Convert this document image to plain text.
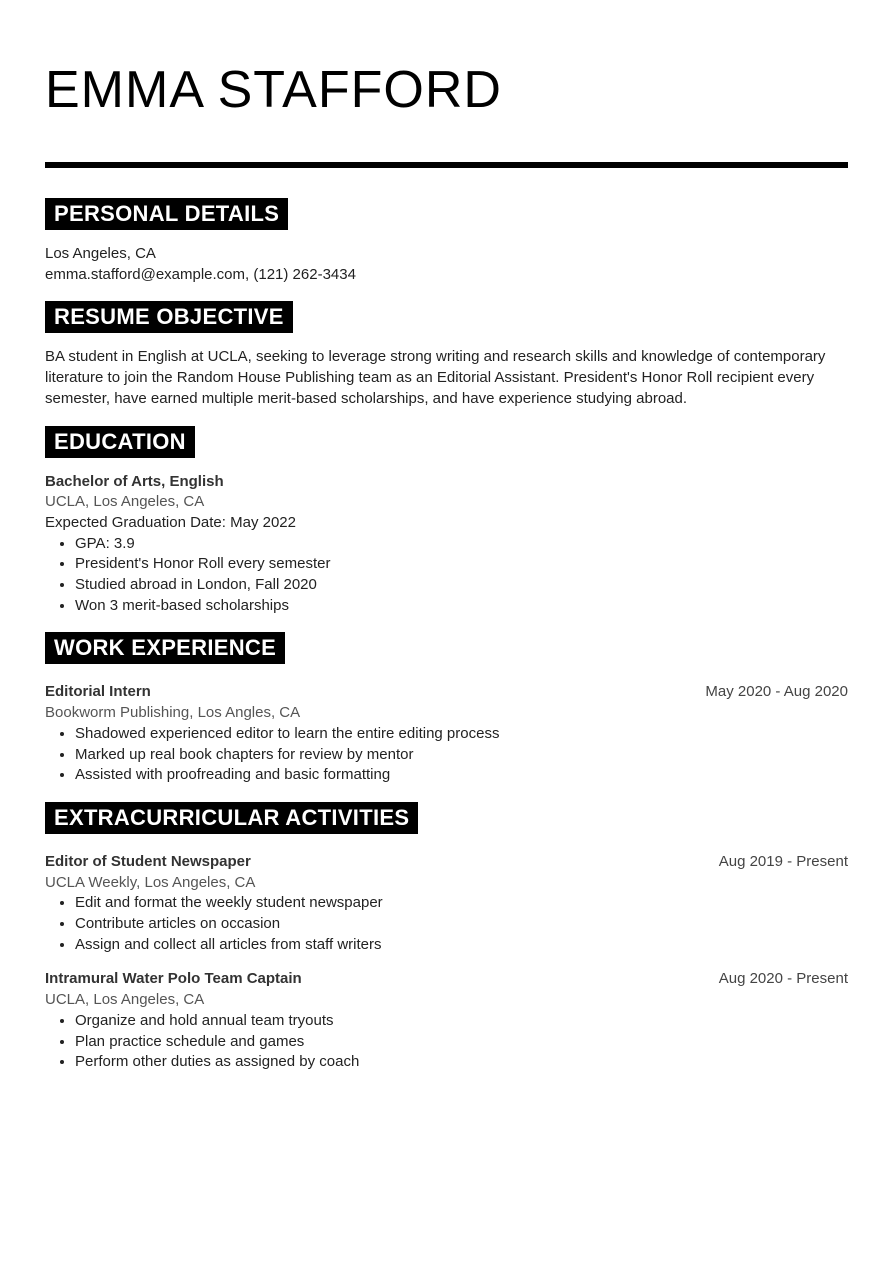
EMMA STAFFORD
PERSONAL DETAILS

Los Angeles, CA

emma.stafford@example.com, (121) 262-3434

RESUME OBJECTIVE

BA student in English at UCLA, seeking to leverage strong writing and research skills and knowledge of contemporary literature to join the Random House Publishing team as an Editorial Assistant. President's Honor Roll recipient every semester, have earned multiple merit-based scholarships, and have experience studying abroad.

EDUCATION
Bachelor of Arts, English
UCLA, Los Angeles, CA
Expected Graduation Date: May 2022
• GPA: 3.9
• President's Honor Roll every semester
• Studied abroad in London, Fall 2020
• Won 3 merit-based scholarships
WORK EXPERIENCE
Editorial Intern	May 2020 - Aug 2020
Bookworm Publishing, Los Angles, CA
• Shadowed experienced editor to learn the entire editing process
• Marked up real book chapters for review by mentor
• Assisted with proofreading and basic formatting
EXTRACURRICULAR ACTIVITIES
Editor of Student Newspaper	Aug 2019 - Present
UCLA Weekly, Los Angeles, CA
• Edit and format the weekly student newspaper
• Contribute articles on occasion
• Assign and collect all articles from staff writers
Intramural Water Polo Team Captain	Aug 2020 - Present
UCLA, Los Angeles, CA
• Organize and hold annual team tryouts
• Plan practice schedule and games
• Perform other duties as assigned by coach
